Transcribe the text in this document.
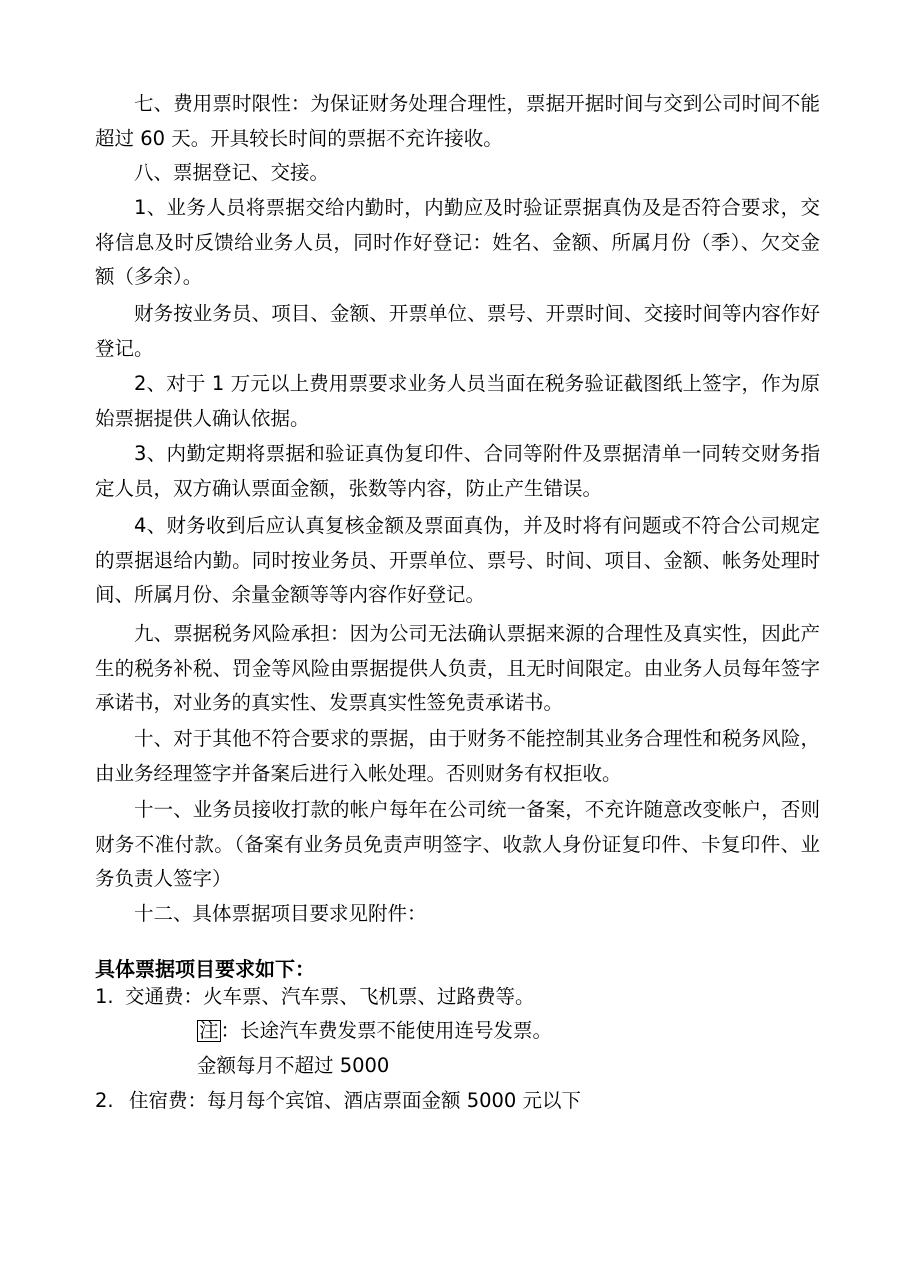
七、费用票时限性：为保证财务处理合理性，票据开据时间与交到公司时间不能超过 60 天。开具较长时间的票据不充许接收。

八、票据登记、交接。

1、业务人员将票据交给内勤时，内勤应及时验证票据真伪及是否符合要求，交将信息及时反馈给业务人员，同时作好登记：姓名、金额、所属月份（季）、欠交金额（多余）。

财务按业务员、项目、金额、开票单位、票号、开票时间、交接时间等内容作好登记。

2、对于 1 万元以上费用票要求业务人员当面在税务验证截图纸上签字，作为原始票据提供人确认依据。

3、内勤定期将票据和验证真伪复印件、合同等附件及票据清单一同转交财务指定人员，双方确认票面金额，张数等内容，防止产生错误。

4、财务收到后应认真复核金额及票面真伪，并及时将有问题或不符合公司规定的票据退给内勤。同时按业务员、开票单位、票号、时间、项目、金额、帐务处理时间、所属月份、余量金额等等内容作好登记。

九、票据税务风险承担：因为公司无法确认票据来源的合理性及真实性，因此产生的税务补税、罚金等风险由票据提供人负责，且无时间限定。由业务人员每年签字承诺书，对业务的真实性、发票真实性签免责承诺书。

十、对于其他不符合要求的票据，由于财务不能控制其业务合理性和税务风险，由业务经理签字并备案后进行入帐处理。否则财务有权拒收。

十一、业务员接收打款的帐户每年在公司统一备案，不充许随意改变帐户，否则财务不准付款。（备案有业务员免责声明签字、收款人身份证复印件、卡复印件、业务负责人签字）

十二、具体票据项目要求见附件：

具体票据项目要求如下：

1. 交通费：火车票、汽车票、飞机票、过路费等。

注 ：长途汽车费发票不能使用连号发票。

金额每月不超过 5000

2. 住宿费：每月每个宾馆、酒店票面金额 5000 元以下
